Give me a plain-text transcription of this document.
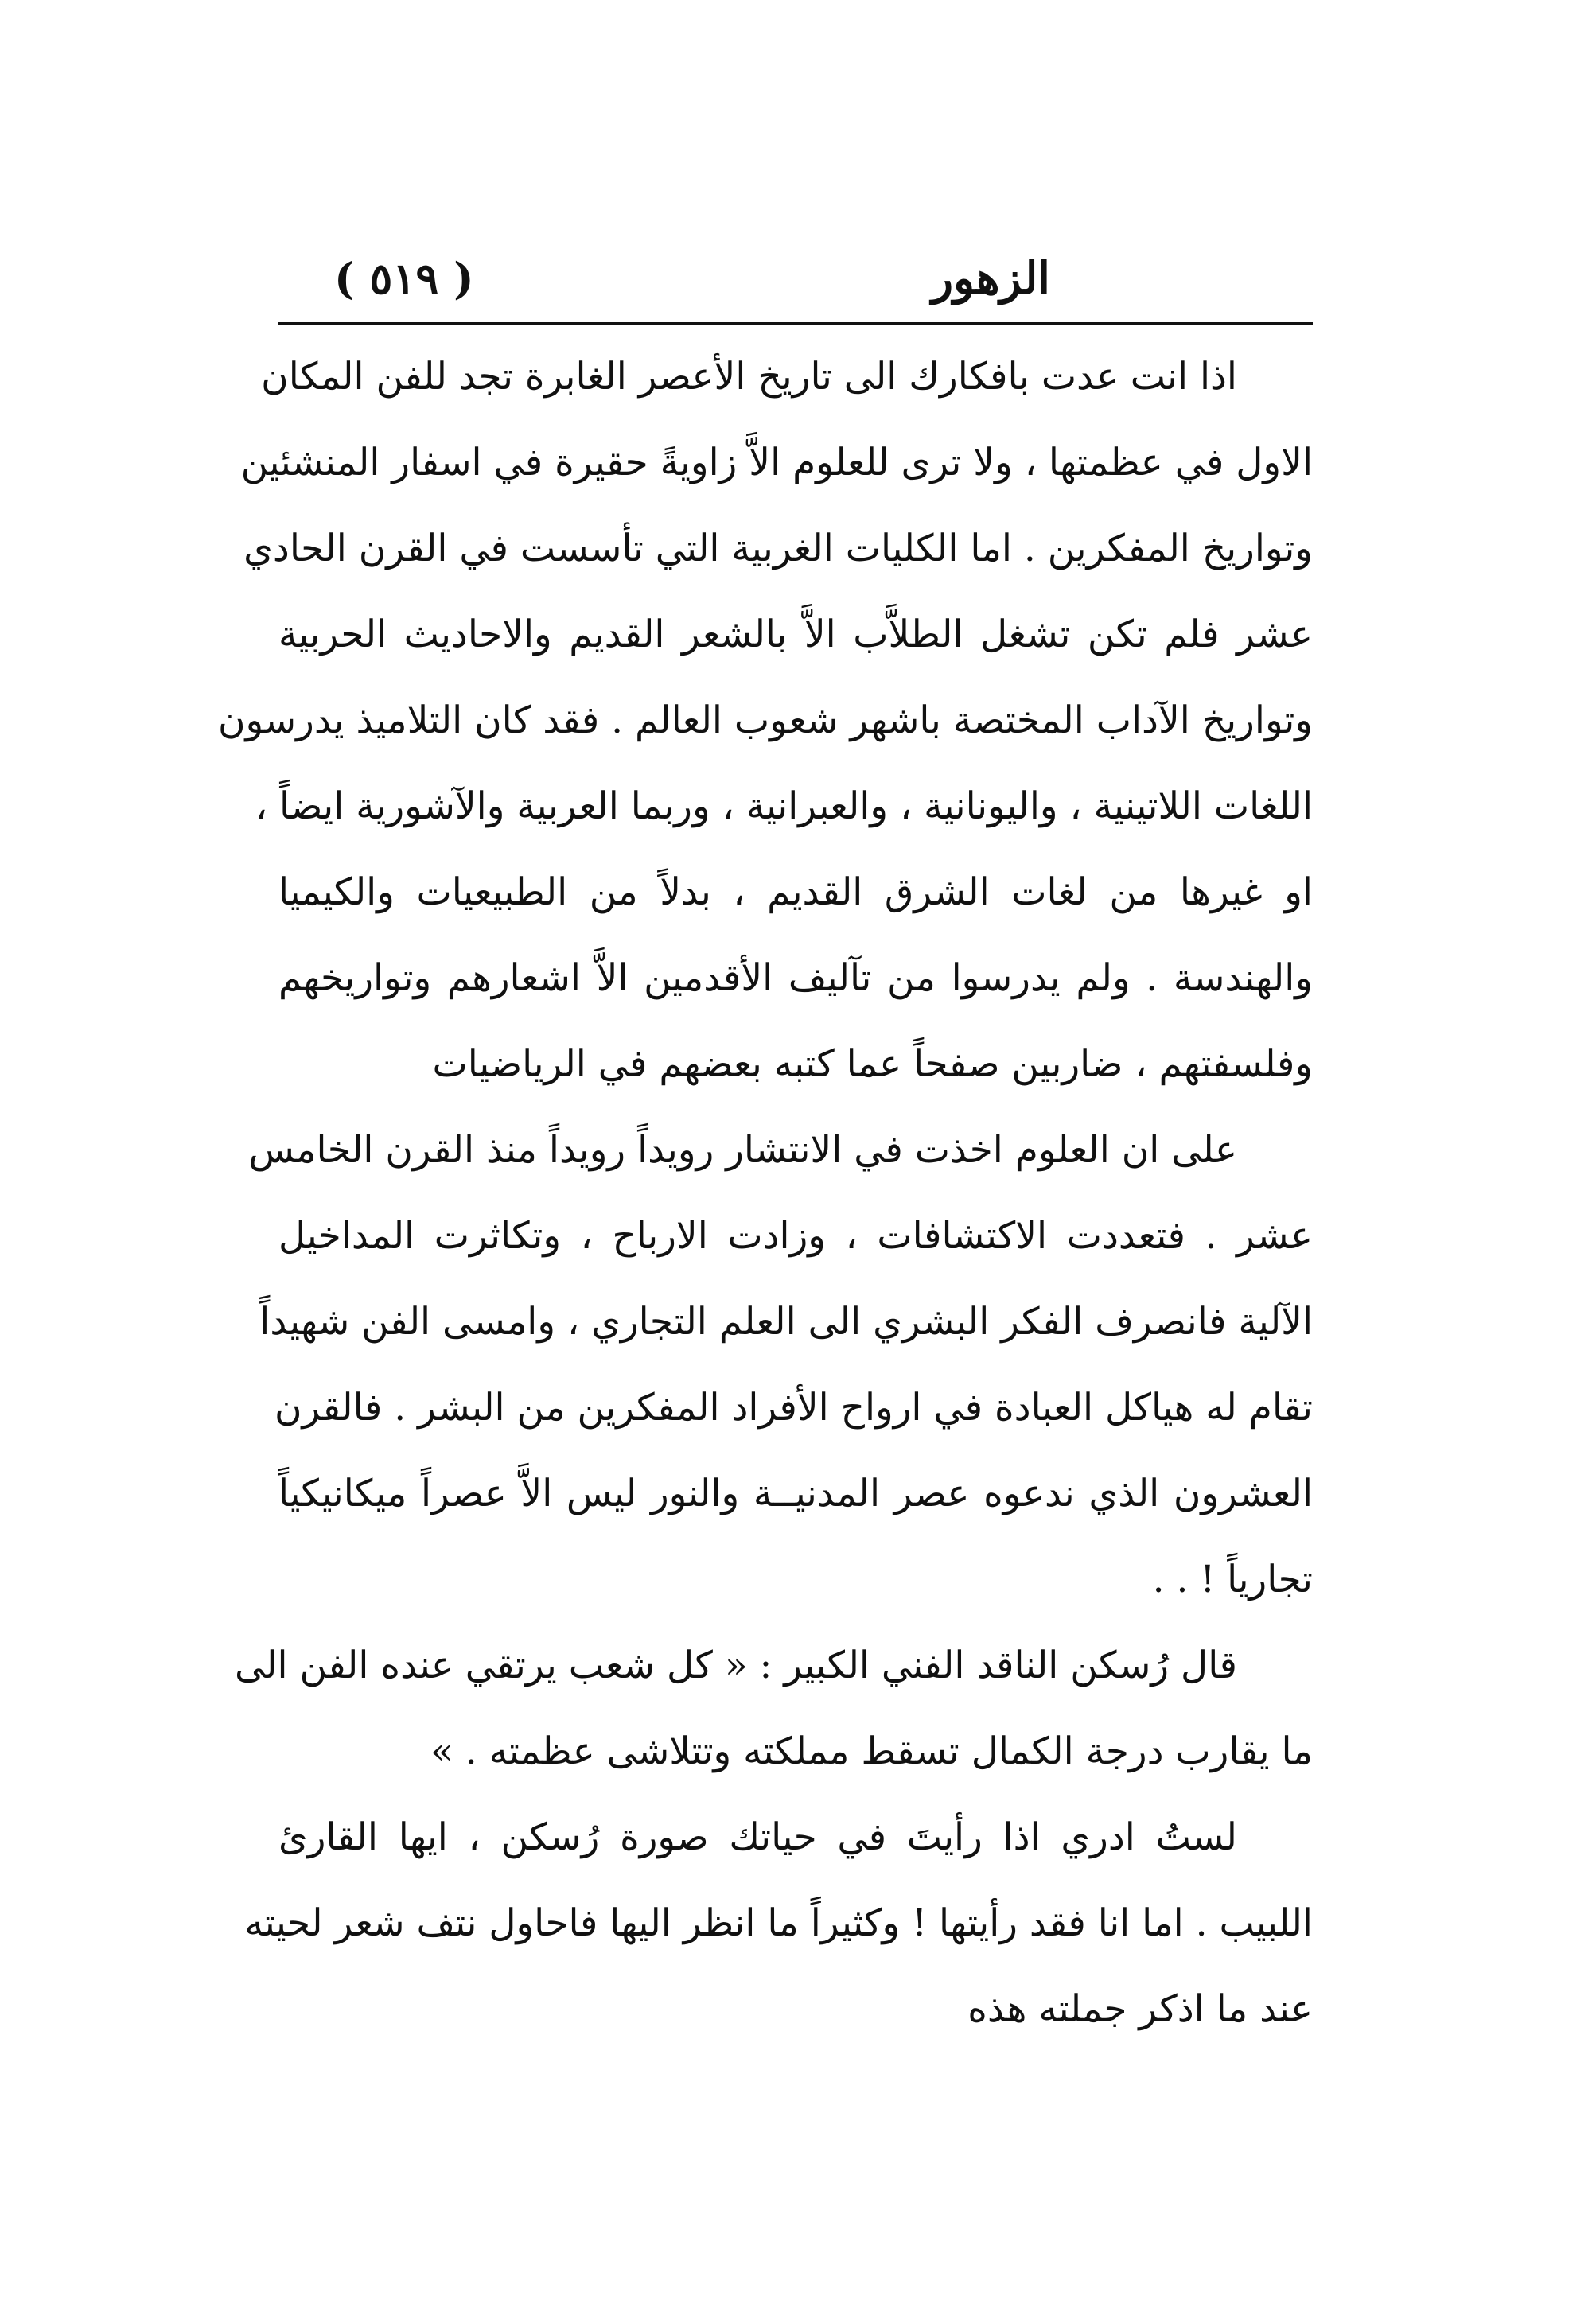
الزهور
( ٥١٩ )
اذا انت عدت بافكارك الى تاريخ الأعصر الغابرة تجد للفن المكان
الاول في عظمتها ، ولا ترى للعلوم الاَّ زاويةً حقيرة في اسفار المنشئين
وتواريخ المفكرين . اما الكليات الغربية التي تأسست في القرن الحادي
عشر فلم تكن تشغل الطلاَّب الاَّ بالشعر القديم والاحاديث الحربية
وتواريخ الآداب المختصة باشهر شعوب العالم . فقد كان التلاميذ يدرسون
اللغات اللاتينية ، واليونانية ، والعبرانية ، وربما العربية والآشورية ايضاً ،
او غيرها من لغات الشرق القديم ، بدلاً من الطبيعيات والكيميا
والهندسة . ولم يدرسوا من تآليف الأقدمين الاَّ اشعارهم وتواريخهم
وفلسفتهم ، ضاربين صفحاً عما كتبه بعضهم في الرياضيات
على ان العلوم اخذت في الانتشار رويداً رويداً منذ القرن الخامس
عشر . فتعددت الاكتشافات ، وزادت الارباح ، وتكاثرت المداخيل
الآلية فانصرف الفكر البشري الى العلم التجاري ، وامسى الفن شهيداً
تقام له هياكل العبادة في ارواح الأفراد المفكرين من البشر . فالقرن
العشرون الذي ندعوه عصر المدنيــة والنور ليس الاَّ عصراً ميكانيكياً
تجارياً ! . .
قال رُسكن الناقد الفني الكبير : « كل شعب يرتقي عنده الفن الى
ما يقارب درجة الكمال تسقط مملكته وتتلاشى عظمته . »
لستُ ادري اذا رأيتَ في حياتك صورة رُسكن ، ايها القارئ
اللبيب . اما انا فقد رأيتها ! وكثيراً ما انظر اليها فاحاول نتف شعر لحيته
عند ما اذكر جملته هذه
